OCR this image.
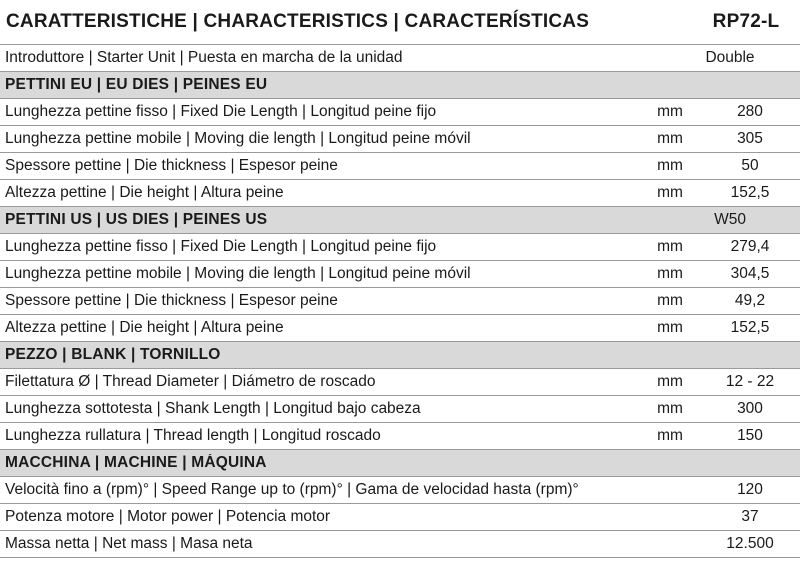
CARATTERISTICHE | CHARACTERISTICS | CARACTERÍSTICAS	RP72-L
Introduttore | Starter Unit | Puesta en marcha de la unidad	Double
PETTINI EU | EU DIES | PEINES EU
Lunghezza pettine fisso | Fixed Die Length | Longitud peine fijo	mm	280
Lunghezza pettine mobile | Moving die length | Longitud peine móvil	mm	305
Spessore pettine | Die thickness | Espesor peine	mm	50
Altezza pettine | Die height | Altura peine	mm	152,5
PETTINI US | US DIES | PEINES US	W50
Lunghezza pettine fisso | Fixed Die Length | Longitud peine fijo	mm	279,4
Lunghezza pettine mobile | Moving die length | Longitud peine móvil	mm	304,5
Spessore pettine | Die thickness | Espesor peine	mm	49,2
Altezza pettine | Die height | Altura peine	mm	152,5
PEZZO | BLANK | TORNILLO
Filettatura Ø | Thread Diameter | Diámetro de roscado	mm	12 - 22
Lunghezza sottotesta | Shank Length | Longitud bajo cabeza	mm	300
Lunghezza rullatura | Thread length | Longitud roscado	mm	150
MACCHINA | MACHINE | MÁQUINA
Velocità fino a (rpm)° | Speed Range up to (rpm)° | Gama de velocidad hasta (rpm)°	120
Potenza motore | Motor power | Potencia motor	37
Massa netta | Net mass | Masa neta	12.500
